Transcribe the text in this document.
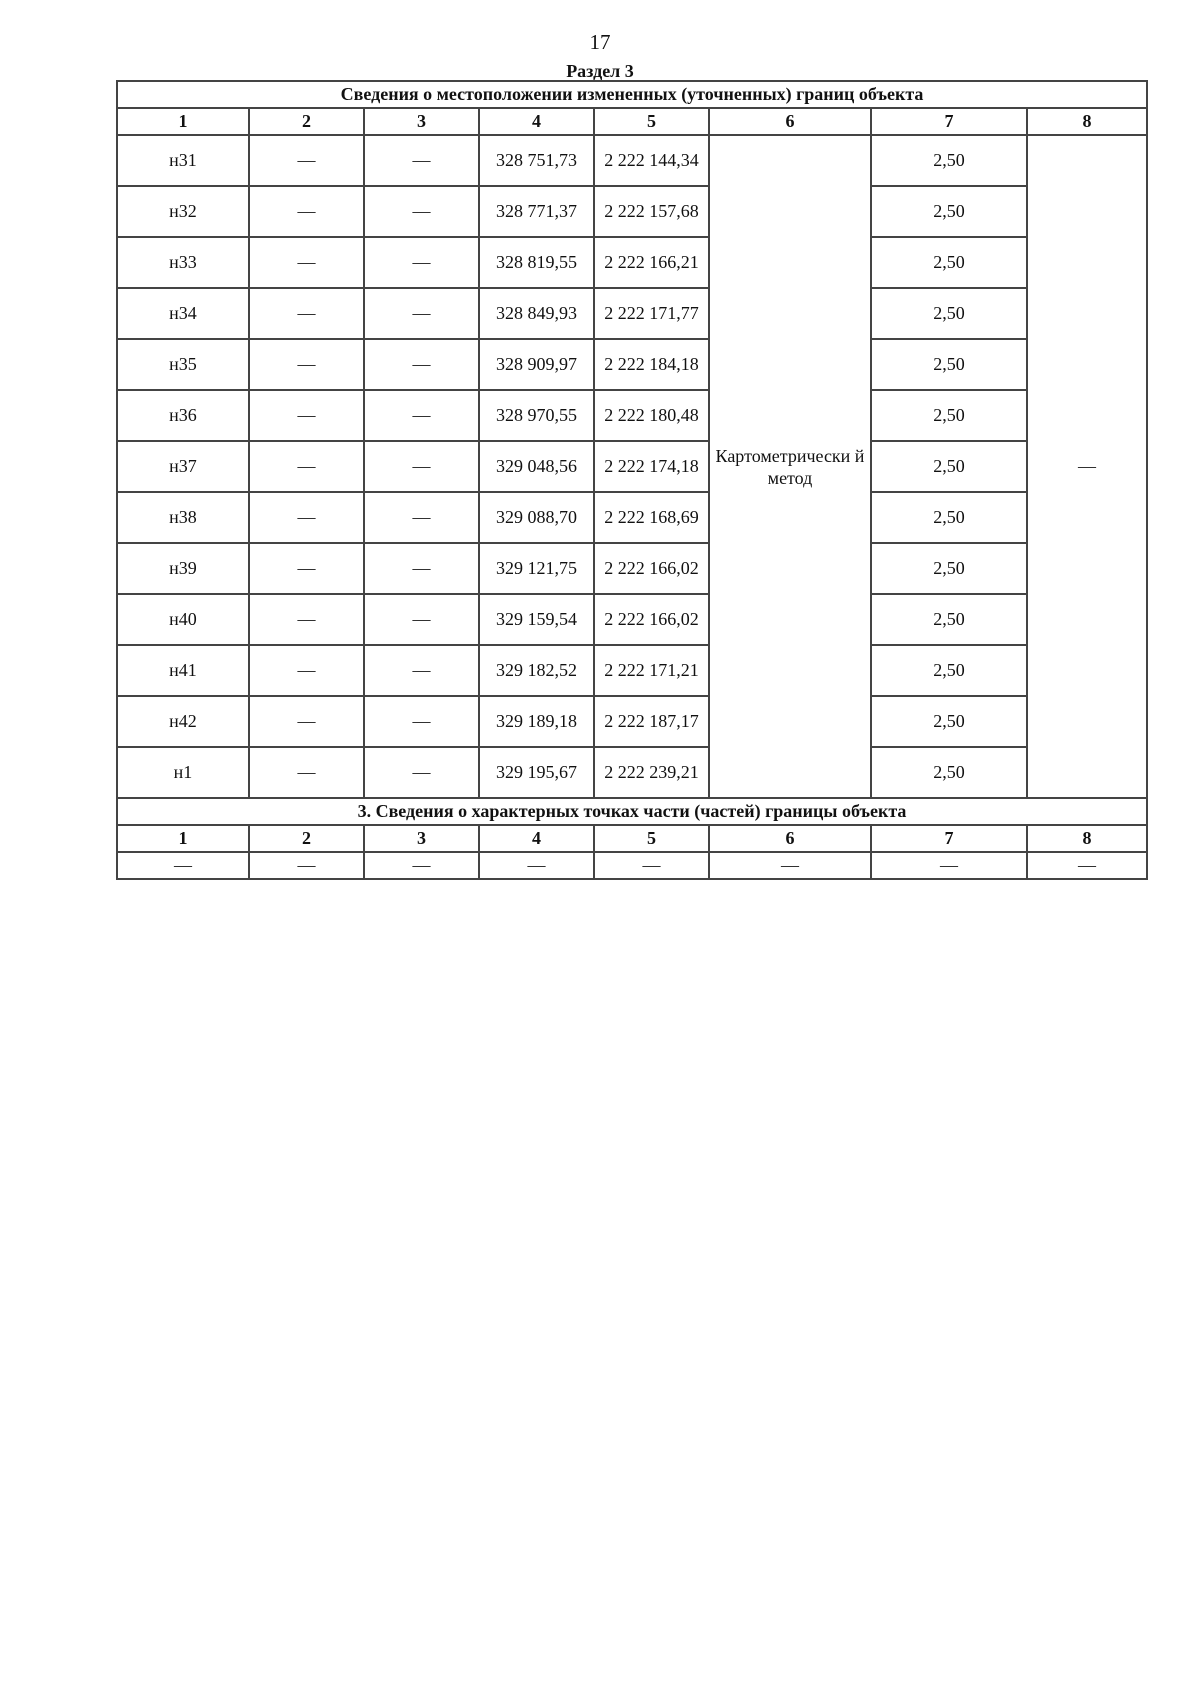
17
Раздел 3
Сведения о местоположении измененных (уточненных) границ объекта							
1	2	3	4	5	6	7	8
н31	—	—	328 751,73	2 222 144,34	Картометрически й метод	2,50	—
н32	—	—	328 771,37	2 222 157,68		2,50	
н33	—	—	328 819,55	2 222 166,21		2,50	
н34	—	—	328 849,93	2 222 171,77		2,50	
н35	—	—	328 909,97	2 222 184,18		2,50	
н36	—	—	328 970,55	2 222 180,48		2,50	
н37	—	—	329 048,56	2 222 174,18		2,50	
н38	—	—	329 088,70	2 222 168,69		2,50	
н39	—	—	329 121,75	2 222 166,02		2,50	
н40	—	—	329 159,54	2 222 166,02		2,50	
н41	—	—	329 182,52	2 222 171,21		2,50	
н42	—	—	329 189,18	2 222 187,17		2,50	
н1	—	—	329 195,67	2 222 239,21		2,50	
3. Сведения о характерных точках части (частей) границы объекта							
1	2	3	4	5	6	7	8
—	—	—	—	—	—	—	—
